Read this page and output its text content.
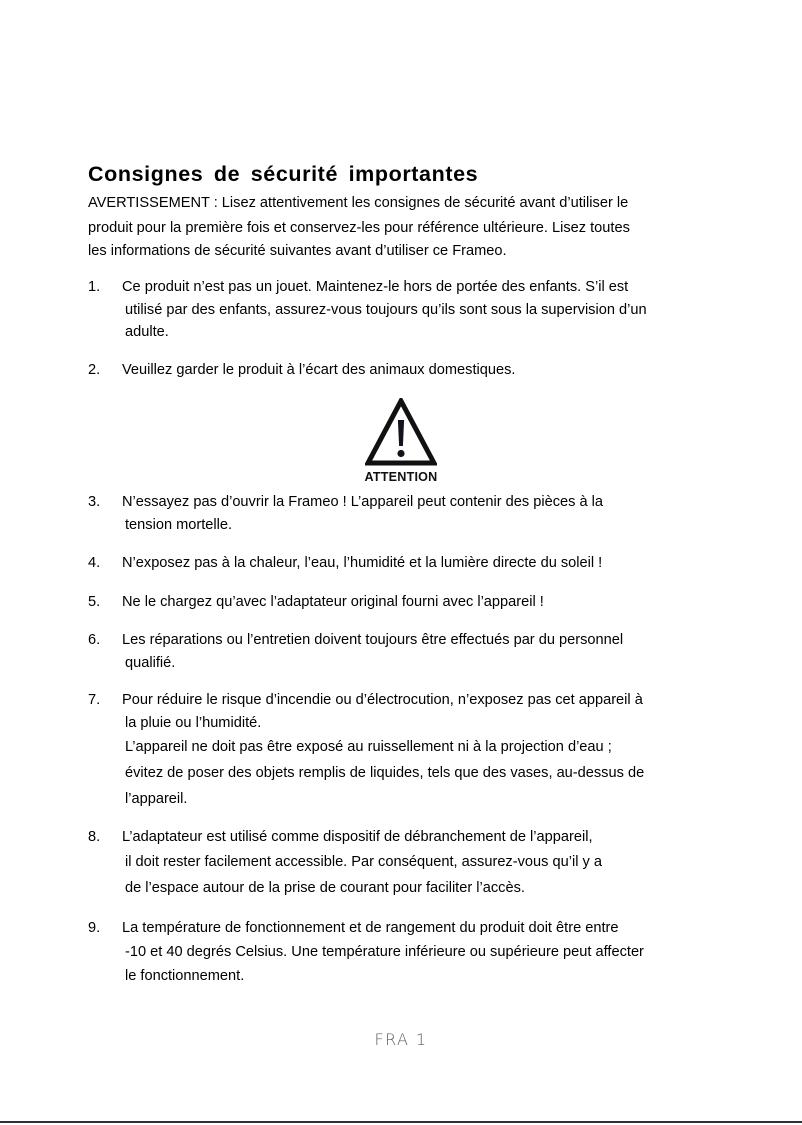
Consignes de sécurité importantes
AVERTISSEMENT : Lisez attentivement les consignes de sécurité avant d’utiliser le
produit pour la première fois et conservez-les pour référence ultérieure. Lisez toutes
les informations de sécurité suivantes avant d’utiliser ce Frameo.
1.	Ce produit n’est pas un jouet. Maintenez-le hors de portée des enfants. S’il est
utilisé par des enfants, assurez-vous toujours qu’ils sont sous la supervision d’un
adulte.
2.	Veuillez garder le produit à l’écart des animaux domestiques.
3.	N’essayez pas d’ouvrir la Frameo ! L’appareil peut contenir des pièces à la
tension mortelle.
4.	N’exposez pas à la chaleur, l’eau, l’humidité et la lumière directe du soleil !
5.	Ne le chargez qu’avec l’adaptateur original fourni avec l’appareil !
6.	Les réparations ou l’entretien doivent toujours être effectués par du personnel
qualifié.
7.	Pour réduire le risque d’incendie ou d’électrocution, n’exposez pas cet appareil à
la pluie ou l’humidité.
L’appareil ne doit pas être exposé au ruissellement ni à la projection d’eau ;
évitez de poser des objets remplis de liquides, tels que des vases, au-dessus de
l’appareil.
8.	L’adaptateur est utilisé comme dispositif de débranchement de l’appareil,
il doit rester facilement accessible. Par conséquent, assurez-vous qu’il y a
de l’espace autour de la prise de courant pour faciliter l’accès.
9.	La température de fonctionnement et de rangement du produit doit être entre
-10 et 40 degrés Celsius. Une température inférieure ou supérieure peut affecter
le fonctionnement.
ATTENTION
FRA 1
